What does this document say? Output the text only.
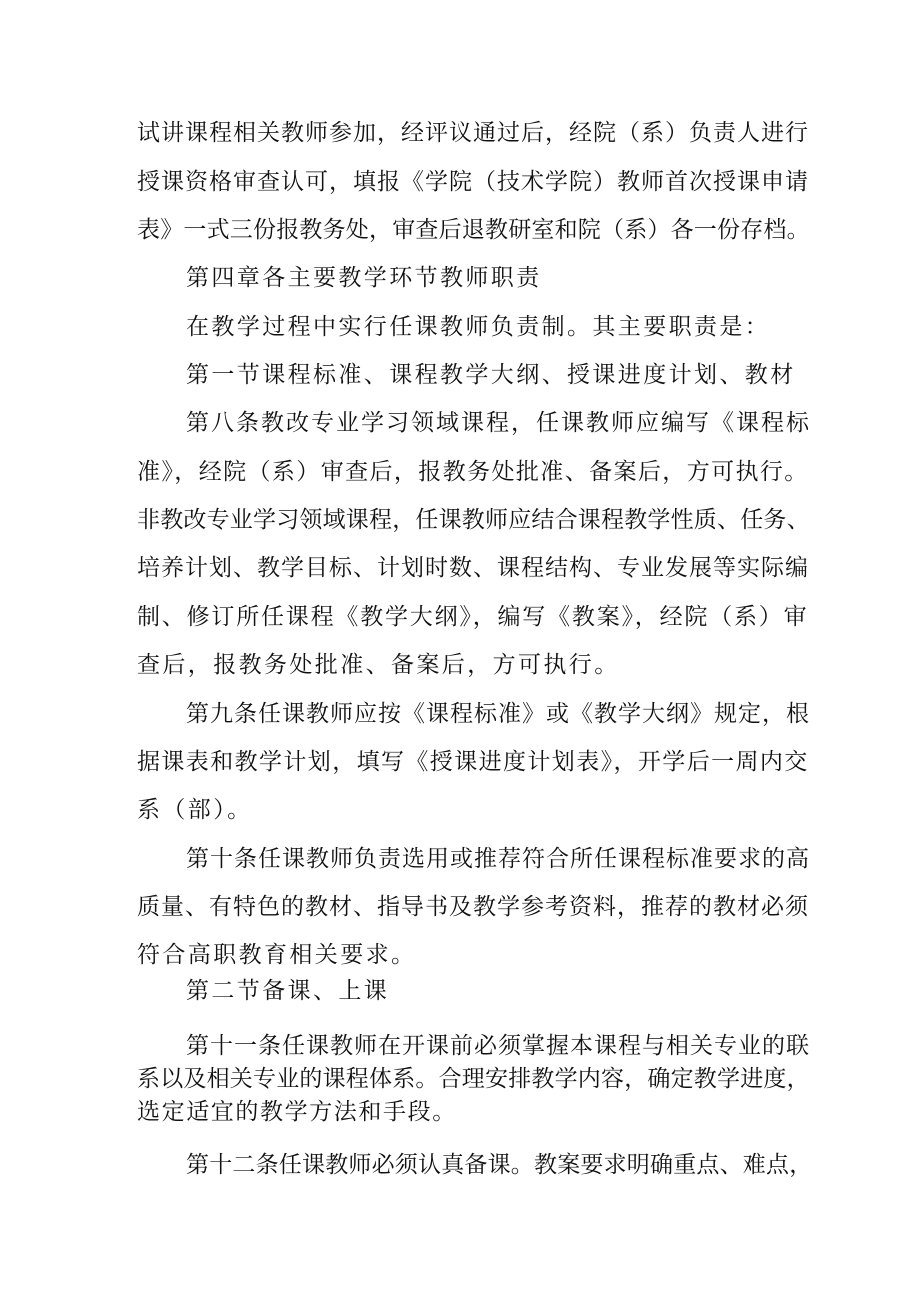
试讲课程相关教师参加，经评议通过后，经院（系）负责人进行
授课资格审查认可，填报《学院（技术学院）教师首次授课申请
表》一式三份报教务处，审查后退教研室和院（系）各一份存档。
第四章各主要教学环节教师职责
在教学过程中实行任课教师负责制。其主要职责是：
第一节课程标准、课程教学大纲、授课进度计划、教材
第八条教改专业学习领域课程，任课教师应编写《课程标
准》，经院（系）审查后，报教务处批准、备案后，方可执行。
非教改专业学习领域课程，任课教师应结合课程教学性质、任务、
培养计划、教学目标、计划时数、课程结构、专业发展等实际编
制、修订所任课程《教学大纲》，编写《教案》，经院（系）审
查后，报教务处批准、备案后，方可执行。
第九条任课教师应按《课程标准》或《教学大纲》规定，根
据课表和教学计划，填写《授课进度计划表》，开学后一周内交
系（部）。
第十条任课教师负责选用或推荐符合所任课程标准要求的高
质量、有特色的教材、指导书及教学参考资料，推荐的教材必须
符合高职教育相关要求。
第二节备课、上课
第十一条任课教师在开课前必须掌握本课程与相关专业的联
系以及相关专业的课程体系。合理安排教学内容，确定教学进度，
选定适宜的教学方法和手段。
第十二条任课教师必须认真备课。教案要求明确重点、难点，
